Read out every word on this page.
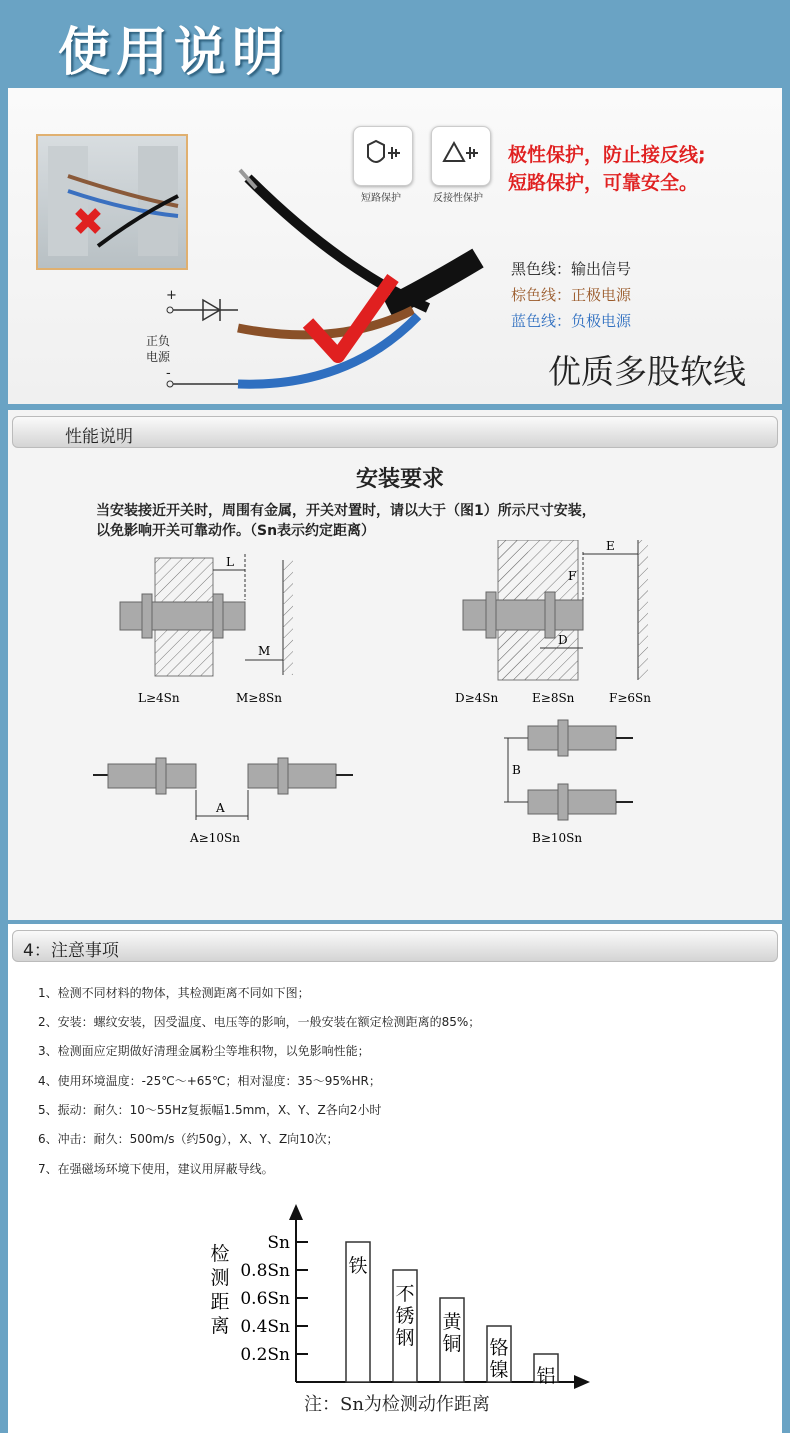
使用说明
短路保护	反接性保护
极性保护，防止接反线;
短路保护，可靠安全。
+
-
正负
电源
黑色线：输出信号
棕色线：正极电源
蓝色线：负极电源
优质多股软线
性能说明
安装要求
当安装接近开关时，周围有金属，开关对置时，请以大于（图1）所示尺寸安装，
以免影响开关可靠动作。（Sn表示约定距离）
L
M
E
F
D
L≥4Sn	M≥8Sn	D≥4Sn	E≥8Sn	F≥6Sn
A
A≥10Sn
B
B≥10Sn
4：注意事项
1、检测不同材料的物体，其检测距离不同如下图；
2、安装：螺纹安装，因受温度、电压等的影响，一般安装在额定检测距离的85%；
3、检测面应定期做好清理金属粉尘等堆积物，以免影响性能；
4、使用环境温度：-25℃～+65℃；相对湿度：35～95%HR；
5、振动：耐久：10～55Hz复振幅1.5mm，X、Y、Z各向2小时
6、冲击：耐久：500m/s（约50g），X、Y、Z向10次；
7、在强磁场环境下使用，建议用屏蔽导线。
Sn
0.8Sn
0.6Sn
0.4Sn
0.2Sn
铁
不
锈
钢
黄
铜 铬
镍 铝
检
测
距
离
注：Sn为检测动作距离
